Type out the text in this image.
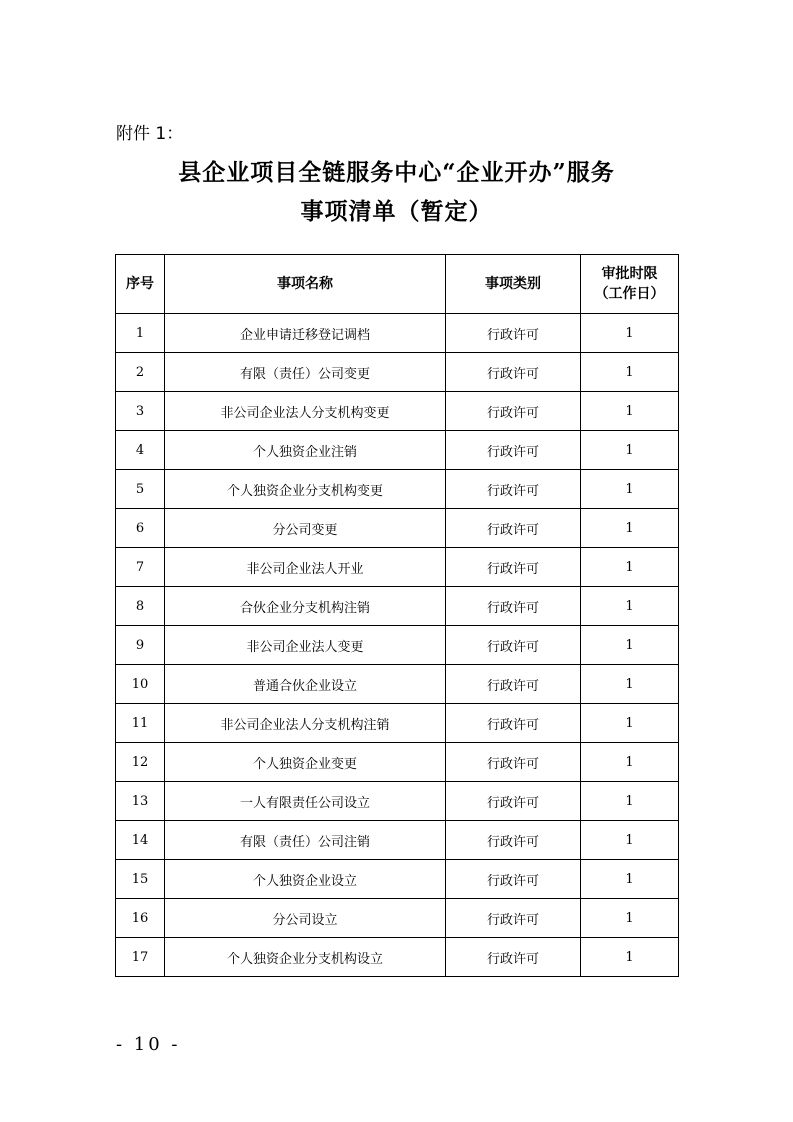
附件 1：
县企业项目全链服务中心“企业开办”服务
事项清单（暂定）
序号	事项名称	事项类别	审批时限
（工作日）

1	企业申请迁移登记调档	行政许可	1
2	有限（责任）公司变更	行政许可	1
3	非公司企业法人分支机构变更	行政许可	1
4	个人独资企业注销	行政许可	1
5	个人独资企业分支机构变更	行政许可	1
6	分公司变更	行政许可	1
7	非公司企业法人开业	行政许可	1
8	合伙企业分支机构注销	行政许可	1
9	非公司企业法人变更	行政许可	1
10	普通合伙企业设立	行政许可	1
11	非公司企业法人分支机构注销	行政许可	1
12	个人独资企业变更	行政许可	1
13	一人有限责任公司设立	行政许可	1
14	有限（责任）公司注销	行政许可	1
15	个人独资企业设立	行政许可	1
16	分公司设立	行政许可	1
17	个人独资企业分支机构设立	行政许可	1
- 10 -
